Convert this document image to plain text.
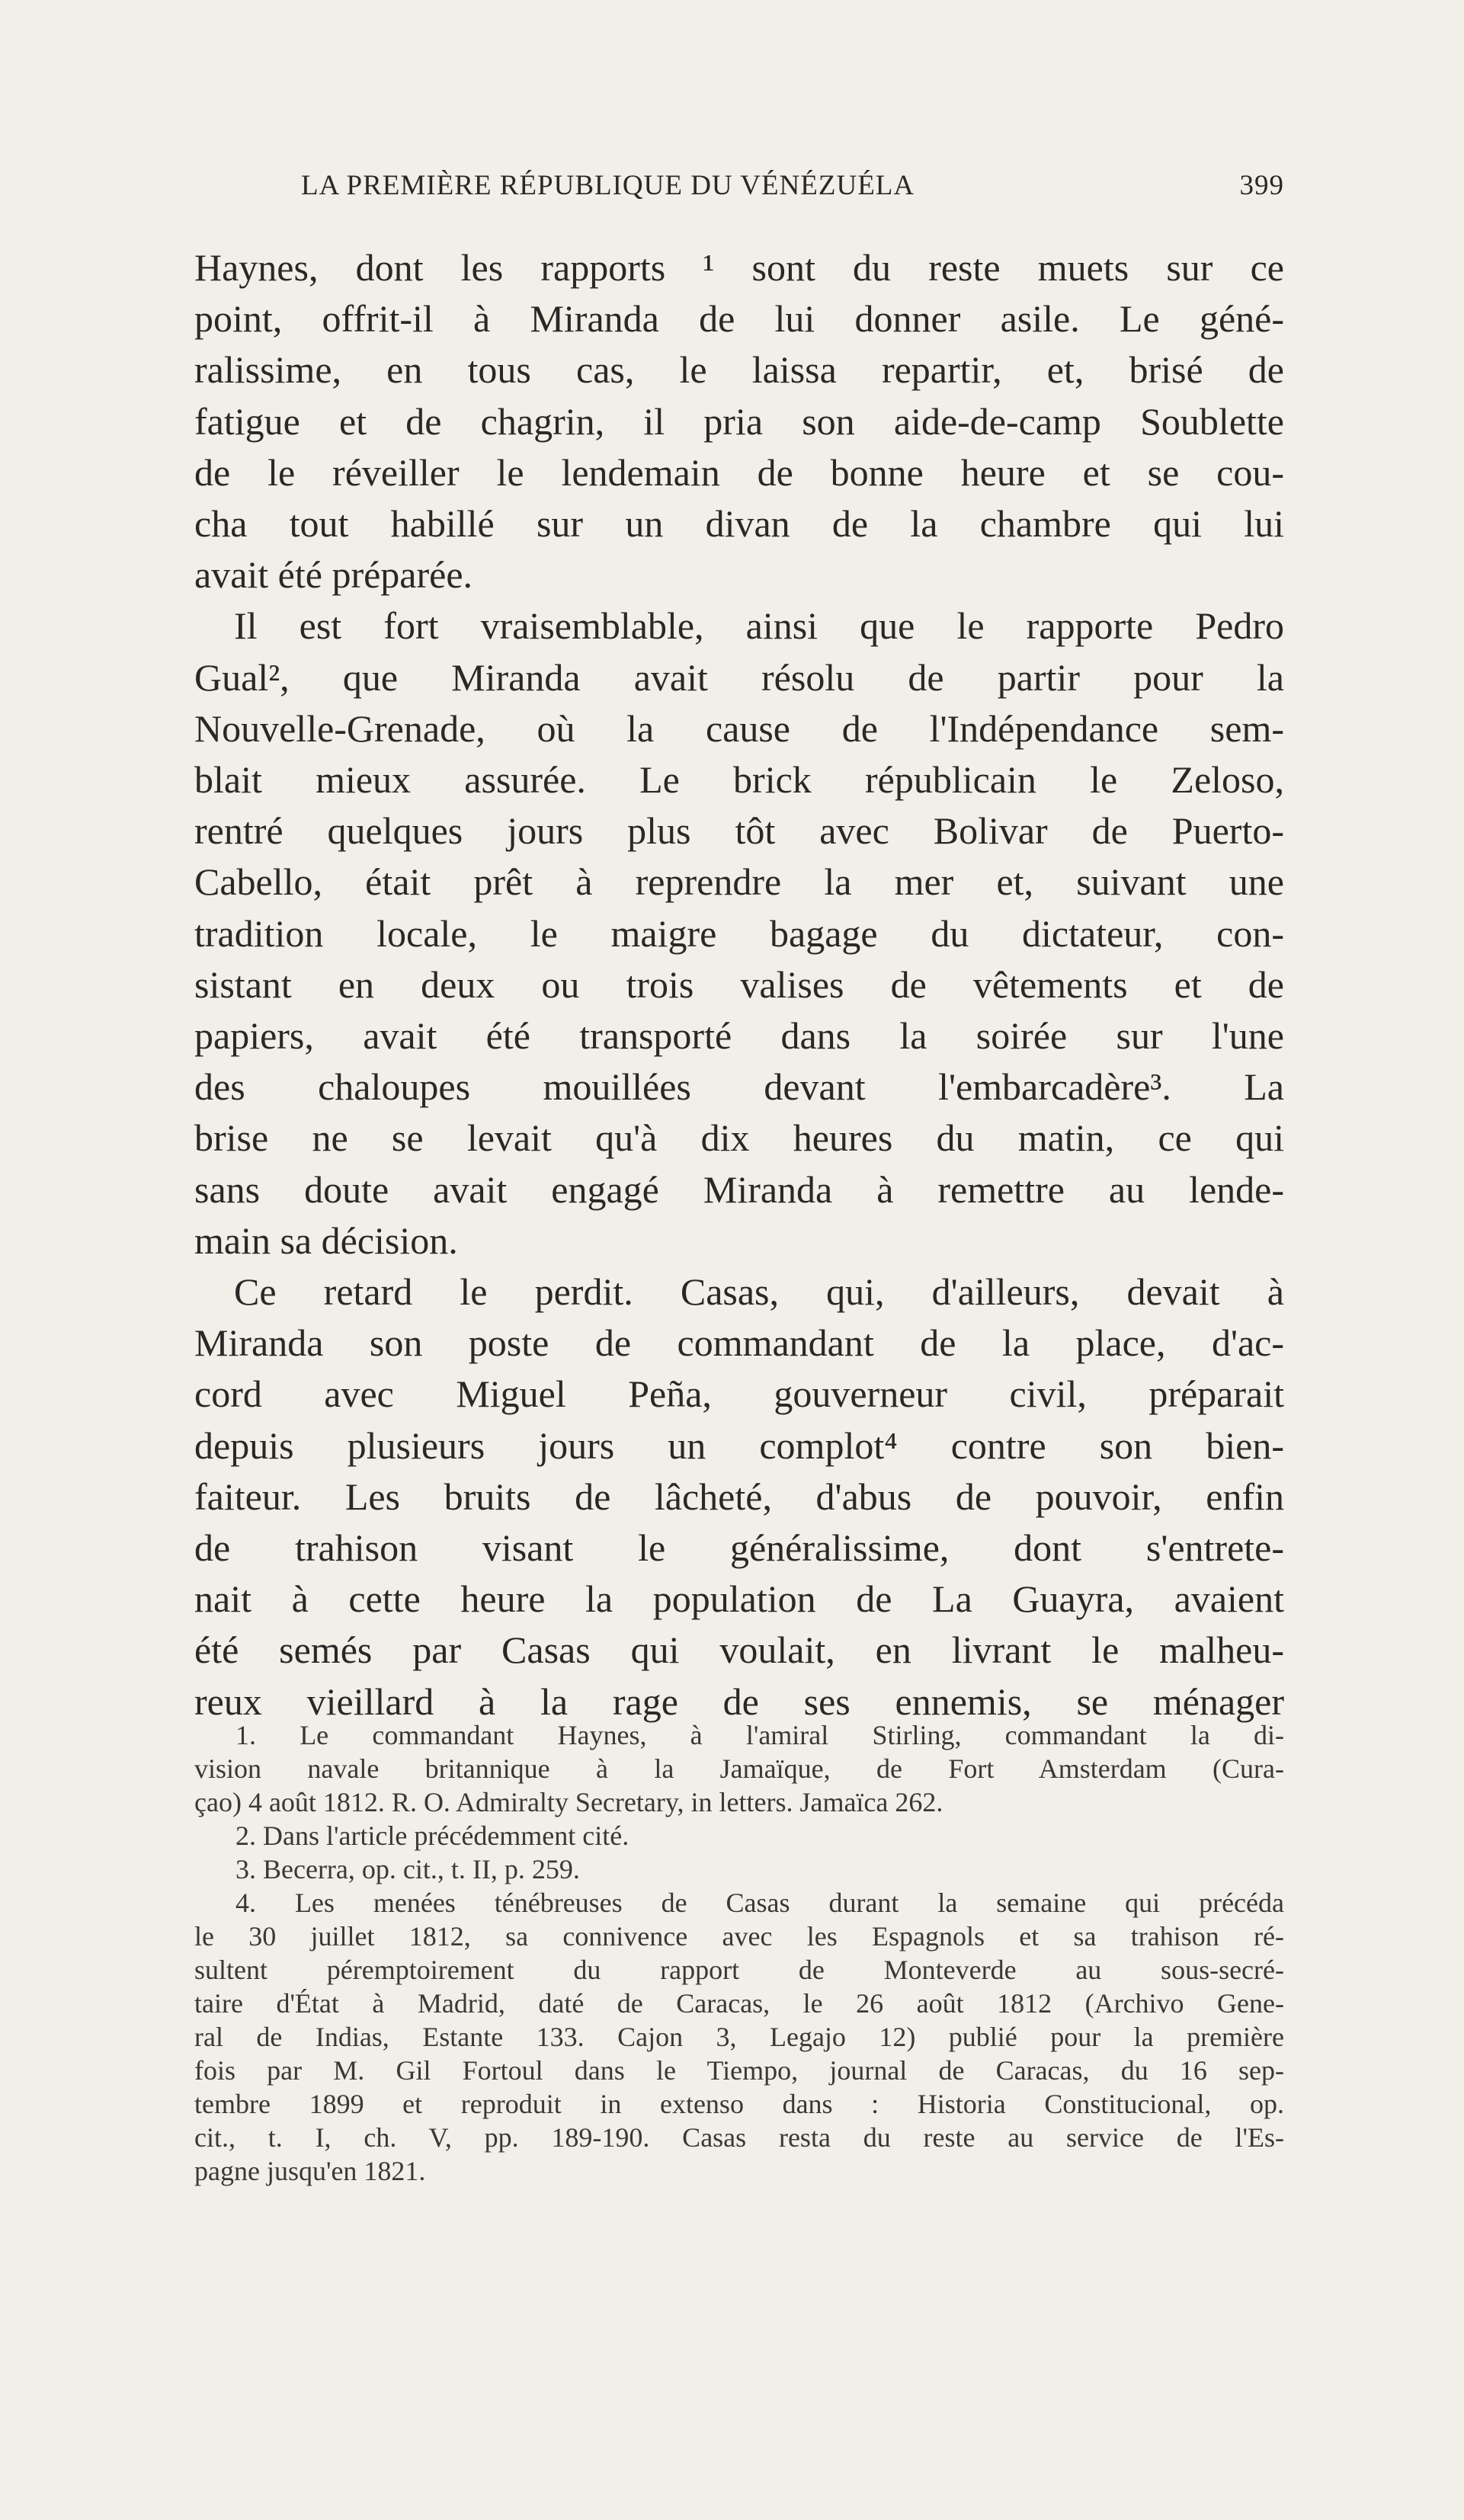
LA PREMIÈRE RÉPUBLIQUE DU VÉNÉZUÉLA	399
Haynes, dont les rapports ¹ sont du reste muets sur ce
point, offrit-il à Miranda de lui donner asile. Le géné-
ralissime, en tous cas, le laissa repartir, et, brisé de
fatigue et de chagrin, il pria son aide-de-camp Soublette
de le réveiller le lendemain de bonne heure et se cou-
cha tout habillé sur un divan de la chambre qui lui
avait été préparée.
Il est fort vraisemblable, ainsi que le rapporte Pedro
Gual², que Miranda avait résolu de partir pour la
Nouvelle-Grenade, où la cause de l'Indépendance sem-
blait mieux assurée. Le brick républicain le Zeloso,
rentré quelques jours plus tôt avec Bolivar de Puerto-
Cabello, était prêt à reprendre la mer et, suivant une
tradition locale, le maigre bagage du dictateur, con-
sistant en deux ou trois valises de vêtements et de
papiers, avait été transporté dans la soirée sur l'une
des chaloupes mouillées devant l'embarcadère³. La
brise ne se levait qu'à dix heures du matin, ce qui
sans doute avait engagé Miranda à remettre au lende-
main sa décision.
Ce retard le perdit. Casas, qui, d'ailleurs, devait à
Miranda son poste de commandant de la place, d'ac-
cord avec Miguel Peña, gouverneur civil, préparait
depuis plusieurs jours un complot⁴ contre son bien-
faiteur. Les bruits de lâcheté, d'abus de pouvoir, enfin
de trahison visant le généralissime, dont s'entrete-
nait à cette heure la population de La Guayra, avaient
été semés par Casas qui voulait, en livrant le malheu-
reux vieillard à la rage de ses ennemis, se ménager
1. Le commandant Haynes, à l'amiral Stirling, commandant la di-
vision navale britannique à la Jamaïque, de Fort Amsterdam (Cura-
çao) 4 août 1812. R. O. Admiralty Secretary, in letters. Jamaïca 262.
2. Dans l'article précédemment cité.
3. Becerra, op. cit., t. II, p. 259.
4. Les menées ténébreuses de Casas durant la semaine qui précéda
le 30 juillet 1812, sa connivence avec les Espagnols et sa trahison ré-
sultent péremptoirement du rapport de Monteverde au sous-secré-
taire d'État à Madrid, daté de Caracas, le 26 août 1812 (Archivo Gene-
ral de Indias, Estante 133. Cajon 3, Legajo 12) publié pour la première
fois par M. Gil Fortoul dans le Tiempo, journal de Caracas, du 16 sep-
tembre 1899 et reproduit in extenso dans : Historia Constitucional, op.
cit., t. I, ch. V, pp. 189-190. Casas resta du reste au service de l'Es-
pagne jusqu'en 1821.
